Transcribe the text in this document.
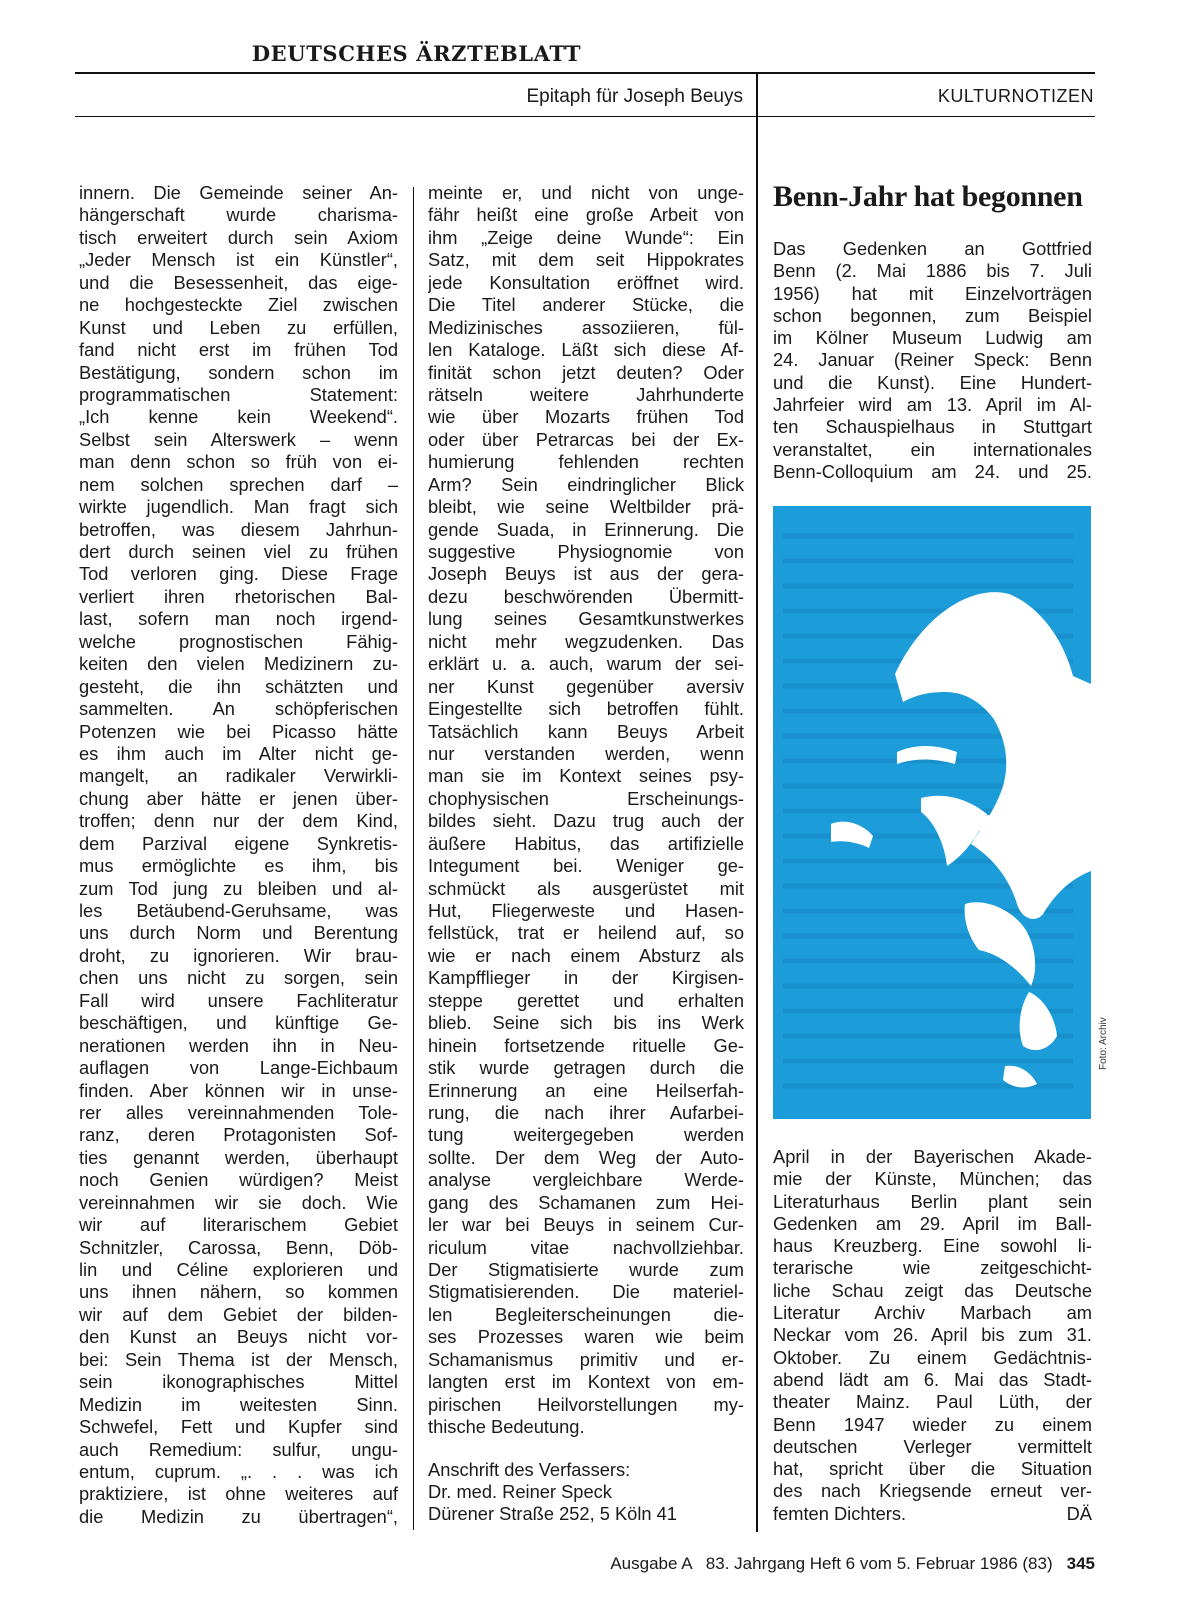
DEUTSCHES ÄRZTEBLATT
Epitaph für Joseph Beuys	KULTURNOTIZEN
innern. Die Gemeinde seiner An-
hängerschaft wurde charisma-
tisch erweitert durch sein Axiom
„Jeder Mensch ist ein Künstler“,
und die Besessenheit, das eige-
ne hochgesteckte Ziel zwischen
Kunst und Leben zu erfüllen,
fand nicht erst im frühen Tod
Bestätigung, sondern schon im
programmatischen Statement:
„Ich kenne kein Weekend“.
Selbst sein Alterswerk – wenn
man denn schon so früh von ei-
nem solchen sprechen darf –
wirkte jugendlich. Man fragt sich
betroffen, was diesem Jahrhun-
dert durch seinen viel zu frühen
Tod verloren ging. Diese Frage
verliert ihren rhetorischen Bal-
last, sofern man noch irgend-
welche prognostischen Fähig-
keiten den vielen Medizinern zu-
gesteht, die ihn schätzten und
sammelten. An schöpferischen
Potenzen wie bei Picasso hätte
es ihm auch im Alter nicht ge-
mangelt, an radikaler Verwirkli-
chung aber hätte er jenen über-
troffen; denn nur der dem Kind,
dem Parzival eigene Synkretis-
mus ermöglichte es ihm, bis
zum Tod jung zu bleiben und al-
les Betäubend-Geruhsame, was
uns durch Norm und Berentung
droht, zu ignorieren. Wir brau-
chen uns nicht zu sorgen, sein
Fall wird unsere Fachliteratur
beschäftigen, und künftige Ge-
nerationen werden ihn in Neu-
auflagen von Lange-Eichbaum
finden. Aber können wir in unse-
rer alles vereinnahmenden Tole-
ranz, deren Protagonisten Sof-
ties genannt werden, überhaupt
noch Genien würdigen? Meist
vereinnahmen wir sie doch. Wie
wir auf literarischem Gebiet
Schnitzler, Carossa, Benn, Döb-
lin und Céline explorieren und
uns ihnen nähern, so kommen
wir auf dem Gebiet der bilden-
den Kunst an Beuys nicht vor-
bei: Sein Thema ist der Mensch,
sein ikonographisches Mittel
Medizin im weitesten Sinn.
Schwefel, Fett und Kupfer sind
auch Remedium: sulfur, ungu-
entum, cuprum. „. . . was ich
praktiziere, ist ohne weiteres auf
die Medizin zu übertragen“,
meinte er, und nicht von unge-
fähr heißt eine große Arbeit von
ihm „Zeige deine Wunde“: Ein
Satz, mit dem seit Hippokrates
jede Konsultation eröffnet wird.
Die Titel anderer Stücke, die
Medizinisches assoziieren, fül-
len Kataloge. Läßt sich diese Af-
finität schon jetzt deuten? Oder
rätseln weitere Jahrhunderte
wie über Mozarts frühen Tod
oder über Petrarcas bei der Ex-
humierung fehlenden rechten
Arm? Sein eindringlicher Blick
bleibt, wie seine Weltbilder prä-
gende Suada, in Erinnerung. Die
suggestive Physiognomie von
Joseph Beuys ist aus der gera-
dezu beschwörenden Übermitt-
lung seines Gesamtkunstwerkes
nicht mehr wegzudenken. Das
erklärt u. a. auch, warum der sei-
ner Kunst gegenüber aversiv
Eingestellte sich betroffen fühlt.
Tatsächlich kann Beuys Arbeit
nur verstanden werden, wenn
man sie im Kontext seines psy-
chophysischen Erscheinungs-
bildes sieht. Dazu trug auch der
äußere Habitus, das artifizielle
Integument bei. Weniger ge-
schmückt als ausgerüstet mit
Hut, Fliegerweste und Hasen-
fellstück, trat er heilend auf, so
wie er nach einem Absturz als
Kampfflieger in der Kirgisen-
steppe gerettet und erhalten
blieb. Seine sich bis ins Werk
hinein fortsetzende rituelle Ge-
stik wurde getragen durch die
Erinnerung an eine Heilserfah-
rung, die nach ihrer Aufarbei-
tung weitergegeben werden
sollte. Der dem Weg der Auto-
analyse vergleichbare Werde-
gang des Schamanen zum Hei-
ler war bei Beuys in seinem Cur-
riculum vitae nachvollziehbar.
Der Stigmatisierte wurde zum
Stigmatisierenden. Die materiel-
len Begleiterscheinungen die-
ses Prozesses waren wie beim
Schamanismus primitiv und er-
langten erst im Kontext von em-
pirischen Heilvorstellungen my-
thische Bedeutung.
Anschrift des Verfassers:
Dr. med. Reiner Speck
Dürener Straße 252, 5 Köln 41
Benn-Jahr hat begonnen
Das Gedenken an Gottfried
Benn (2. Mai 1886 bis 7. Juli
1956) hat mit Einzelvorträgen
schon begonnen, zum Beispiel
im Kölner Museum Ludwig am
24. Januar (Reiner Speck: Benn
und die Kunst). Eine Hundert-
Jahrfeier wird am 13. April im Al-
ten Schauspielhaus in Stuttgart
veranstaltet, ein internationales
Benn-Colloquium am 24. und 25.
Foto: Archiv
April in der Bayerischen Akade-
mie der Künste, München; das
Literaturhaus Berlin plant sein
Gedenken am 29. April im Ball-
haus Kreuzberg. Eine sowohl li-
terarische wie zeitgeschicht-
liche Schau zeigt das Deutsche
Literatur Archiv Marbach am
Neckar vom 26. April bis zum 31.
Oktober. Zu einem Gedächtnis-
abend lädt am 6. Mai das Stadt-
theater Mainz. Paul Lüth, der
Benn 1947 wieder zu einem
deutschen Verleger vermittelt
hat, spricht über die Situation
des nach Kriegsende erneut ver-
femten Dichters.	DÄ
Ausgabe A   83. Jahrgang Heft 6 vom 5. Februar 1986 (83) 345
